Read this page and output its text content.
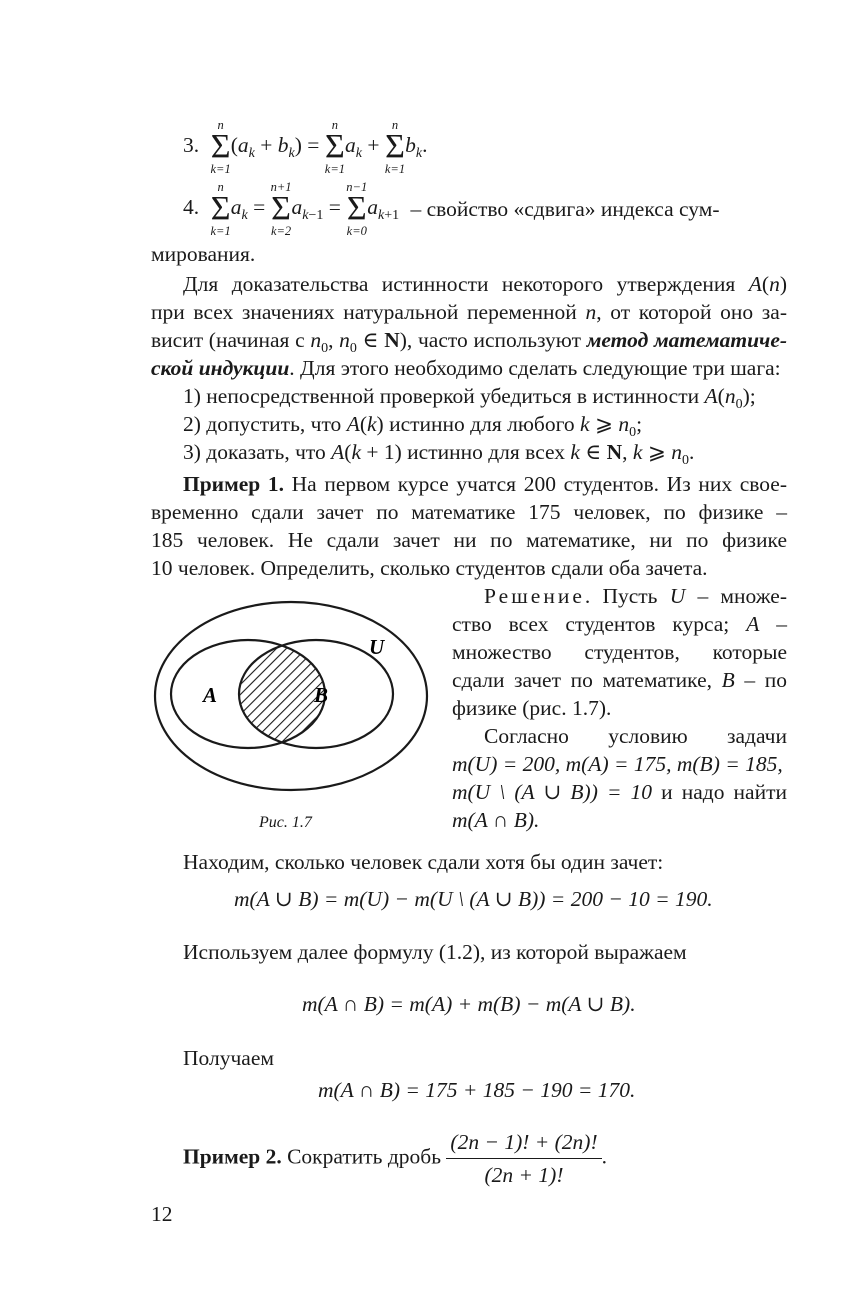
3.
n
Σ
k=1
$(a_k + b_k)$ =
n
Σ
k=1
$a_k$ +
n
Σ
k=1
$b_k$.
4.
n
Σ
k=1
$a_k$ =
n+1
Σ
k=2
$a_{k-1}$ =
n−1
Σ
k=0
$a_{k+1}$ – свойство «сдвига» индекса сум-
мирования.
Для доказательства истинности некоторого утверждения A(n)
при всех значениях натуральной переменной n, от которой оно за-
висит (начиная с $n_0$, $n_0$ ∈ N), часто используют метод математиче-
ской индукции. Для этого необходимо сделать следующие три шага:
1) непосредственной проверкой убедиться в истинности $A(n_0)$;
2) допустить, что A(k) истинно для любого k ⩾ $n_0$;
3) доказать, что A(k + 1) истинно для всех k ∈ N, k ⩾ $n_0$.
Пример 1. На первом курсе учатся 200 студентов. Из них свое-
временно сдали зачет по математике 175 человек, по физике –
185 человек. Не сдали зачет ни по математике, ни по физике
10 человек. Определить, сколько студентов сдали оба зачета.
Решение. Пусть U – множе-
ство всех студентов курса; A –
множество студентов, которые
сдали зачет по математике, B – по
физике (рис. 1.7).
Согласно условию задачи
m(U) = 200, m(A) = 175, m(B) = 185,
m(U \ (A ∪ B)) = 10 и надо найти
m(A ∩ B).
A	B
U
Рис. 1.7
Находим, сколько человек сдали хотя бы один зачет:
m(A ∪ B) = m(U) − m(U \ (A ∪ B)) = 200 − 10 = 190.
Используем далее формулу (1.2), из которой выражаем
m(A ∩ B) = m(A) + m(B) − m(A ∪ B).
Получаем
m(A ∩ B) = 175 + 185 − 190 = 170.
Пример 2. Сократить дробь $\frac{(2n - 1)! + (2n)!}{(2n + 1)!}$ .
12
